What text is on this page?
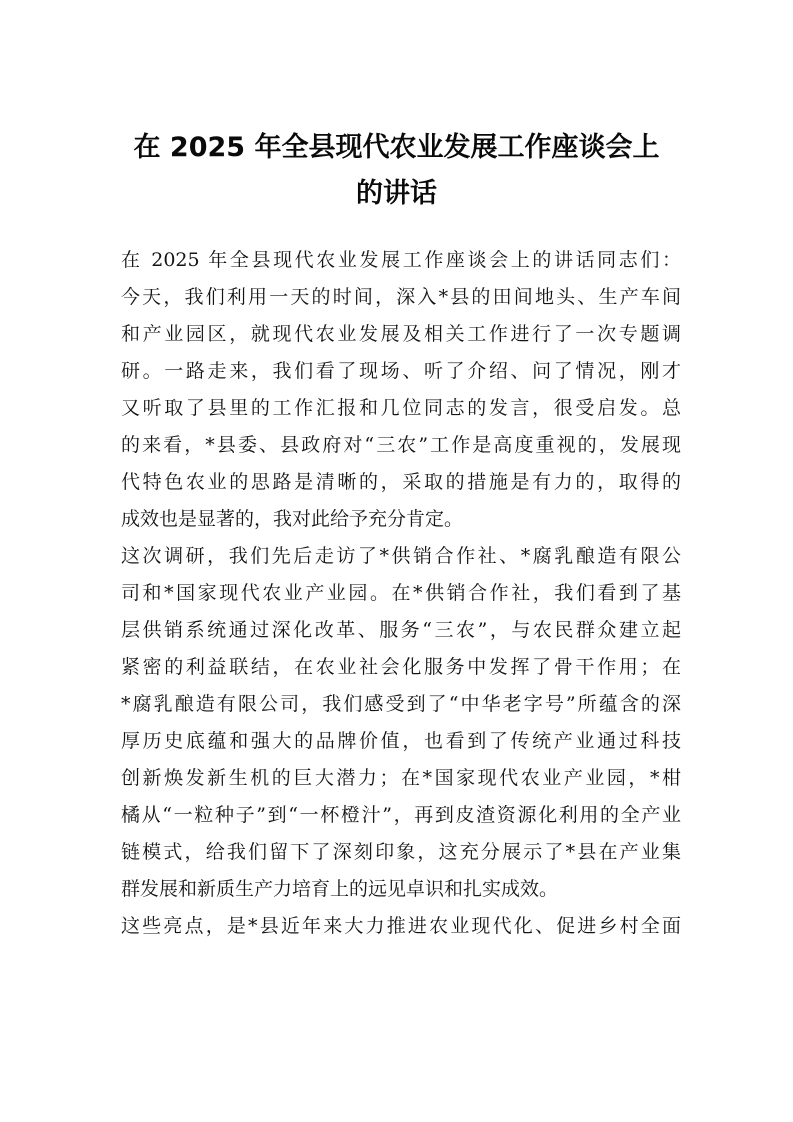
在 2025 年全县现代农业发展工作座谈会上
的讲话
在 2025 年全县现代农业发展工作座谈会上的讲话同志们：
今天，我们利用一天的时间，深入*县的田间地头、生产车间
和产业园区，就现代农业发展及相关工作进行了一次专题调
研。一路走来，我们看了现场、听了介绍、问了情况，刚才
又听取了县里的工作汇报和几位同志的发言，很受启发。总
的来看，*县委、县政府对“三农”工作是高度重视的，发展现
代特色农业的思路是清晰的，采取的措施是有力的，取得的
成效也是显著的，我对此给予充分肯定。
这次调研，我们先后走访了*供销合作社、*腐乳酿造有限公
司和*国家现代农业产业园。在*供销合作社，我们看到了基
层供销系统通过深化改革、服务“三农”，与农民群众建立起
紧密的利益联结，在农业社会化服务中发挥了骨干作用；在
*腐乳酿造有限公司，我们感受到了“中华老字号”所蕴含的深
厚历史底蕴和强大的品牌价值，也看到了传统产业通过科技
创新焕发新生机的巨大潜力；在*国家现代农业产业园，*柑
橘从“一粒种子”到“一杯橙汁”，再到皮渣资源化利用的全产业
链模式，给我们留下了深刻印象，这充分展示了*县在产业集
群发展和新质生产力培育上的远见卓识和扎实成效。
这些亮点，是*县近年来大力推进农业现代化、促进乡村全面
